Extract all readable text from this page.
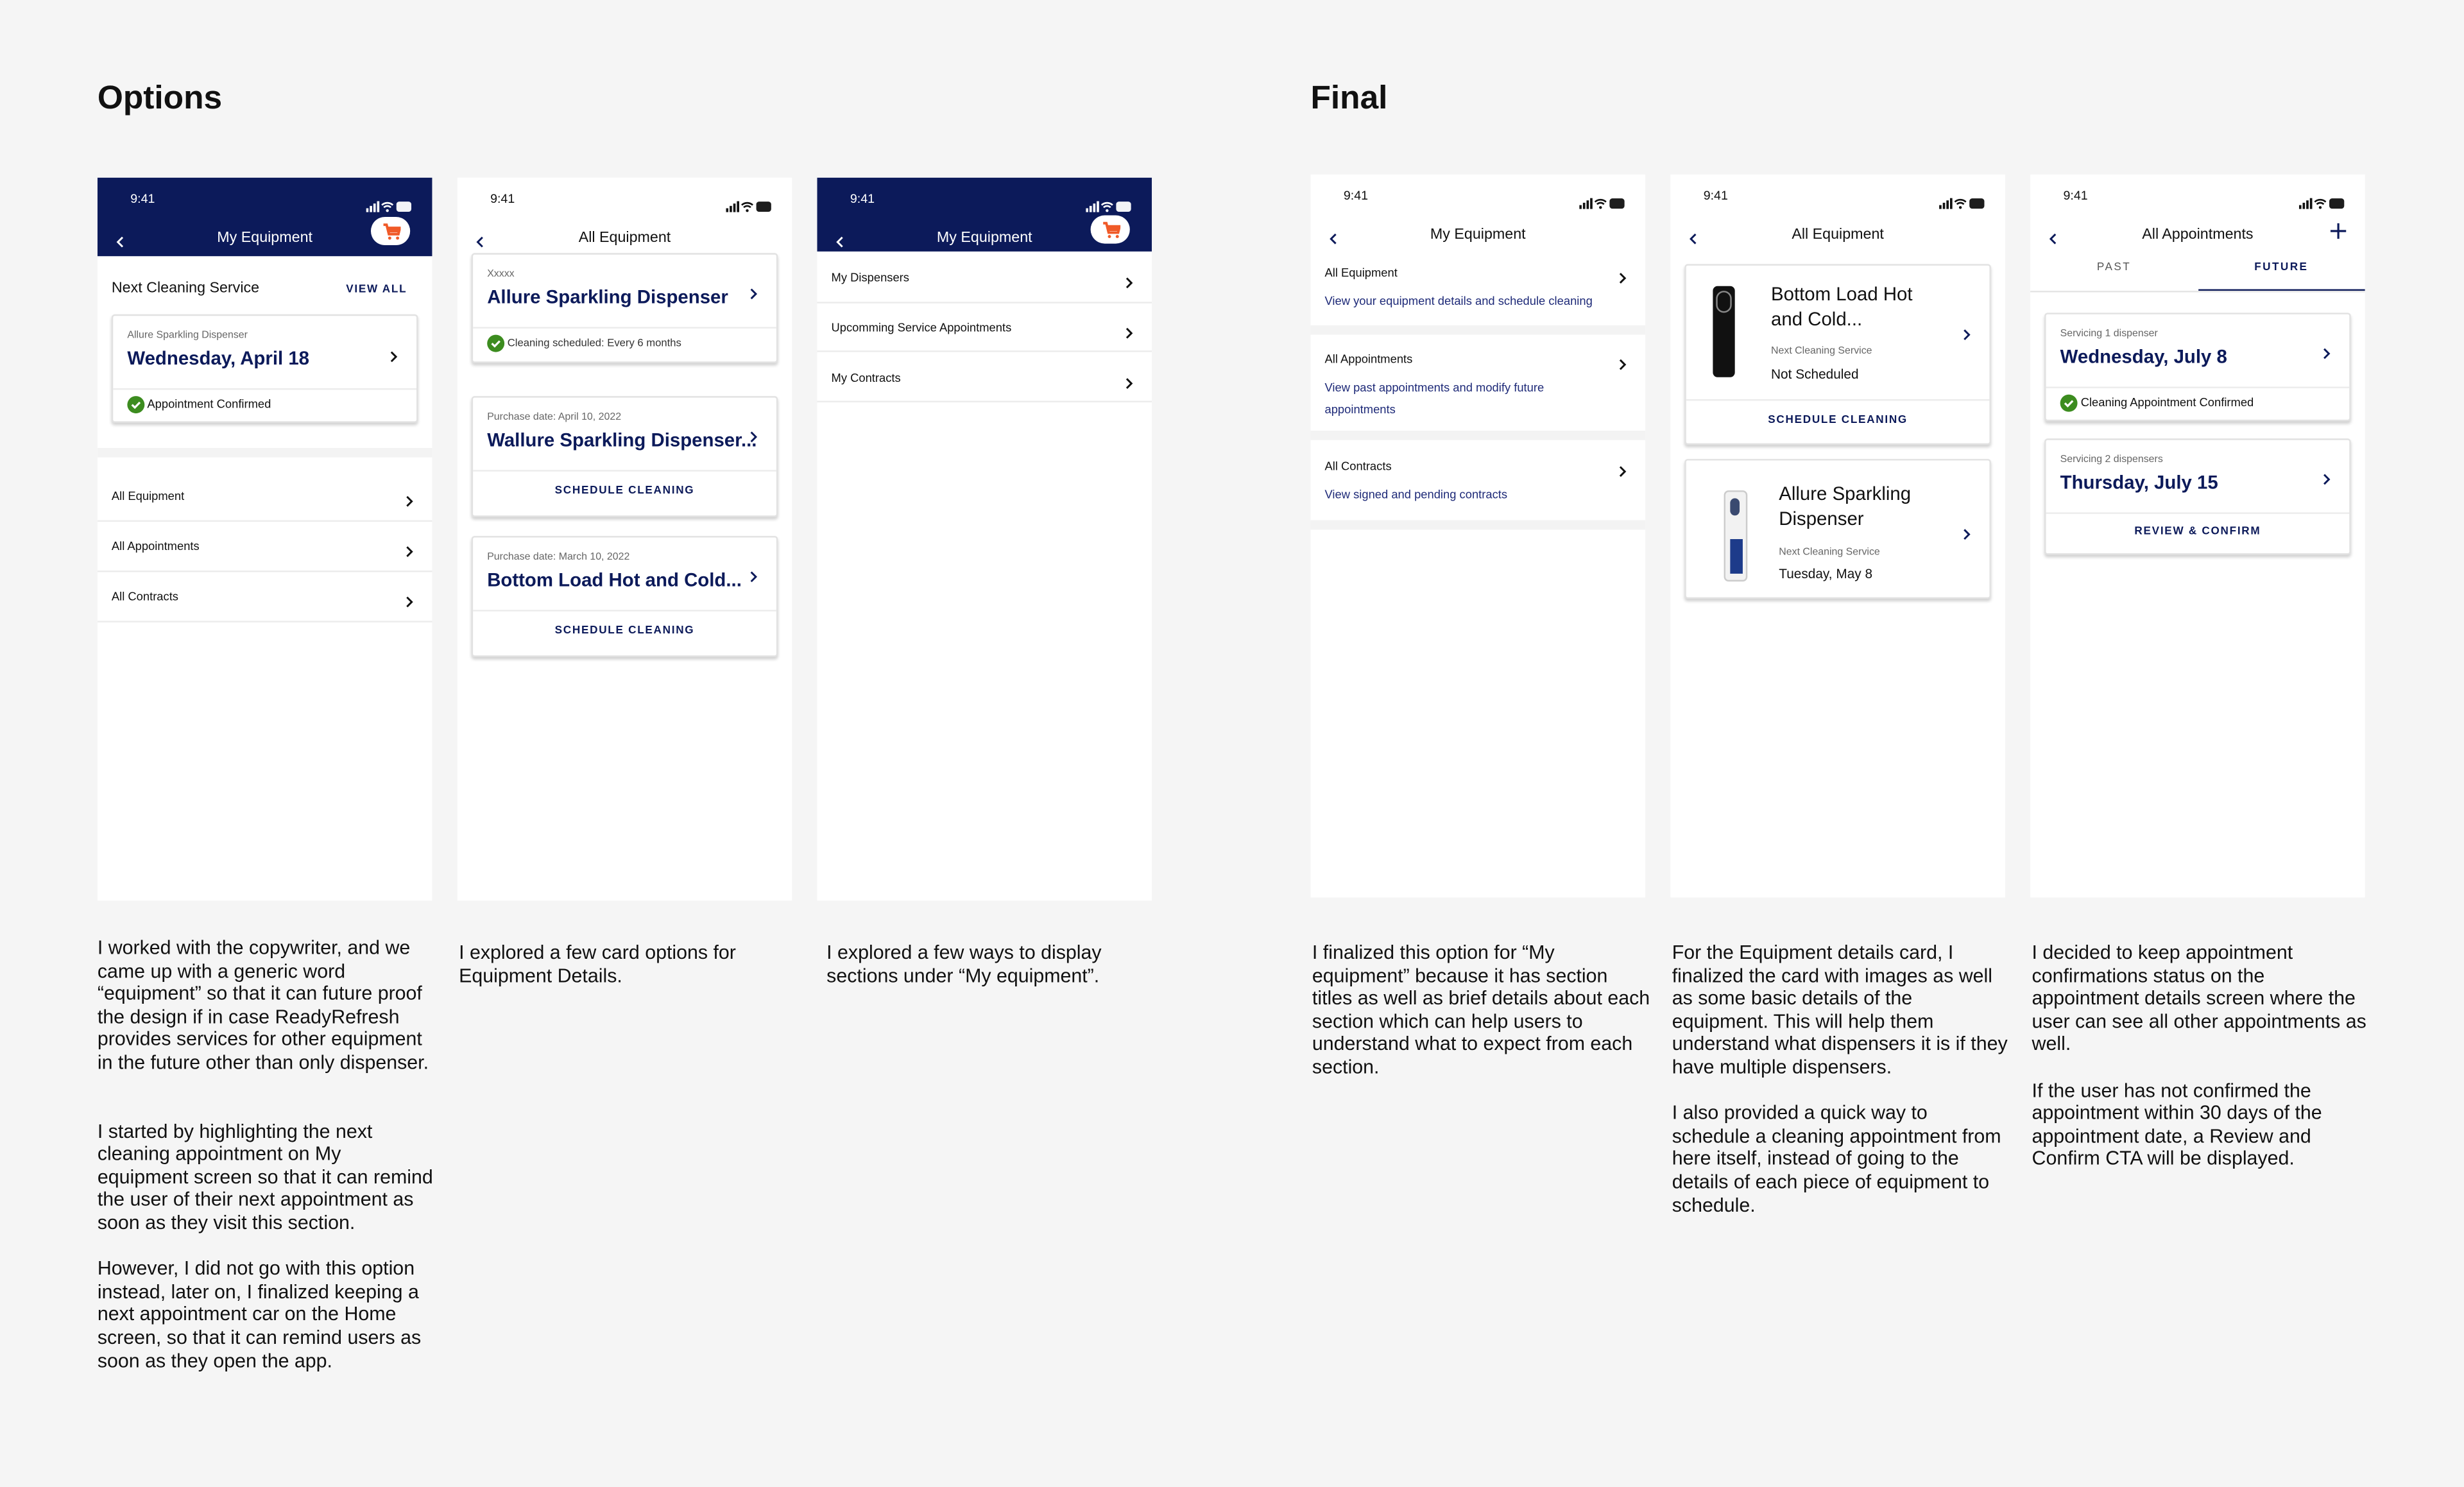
Options	Final
9:41
My Equipment
Next Cleaning Service	VIEW ALL
Allure Sparkling Dispenser
Wednesday, April 18
Appointment Confirmed
All Equipment
All Appointments
All Contracts
9:41
All Equipment
Xxxxx
Allure Sparkling Dispenser
Cleaning scheduled: Every 6 months
Purchase date: April 10, 2022
Wallure Sparkling Dispenser...
SCHEDULE CLEANING
Purchase date: March 10, 2022
Bottom Load Hot and Cold...
SCHEDULE CLEANING
9:41
My Equipment
My Dispensers
Upcomming Service Appointments
My Contracts
9:41
My Equipment
All Equipment
View your equipment details and schedule cleaning
All Appointments
View past appointments and modify future appointments
All Contracts
View signed and pending contracts
9:41
All Equipment
Bottom Load Hot and Cold...
Next Cleaning Service
Not Scheduled
SCHEDULE CLEANING
Allure Sparkling Dispenser
Next Cleaning Service
Tuesday, May 8
9:41
All Appointments
PAST	FUTURE
Servicing 1 dispenser
Wednesday, July 8
Cleaning Appointment Confirmed
Servicing 2 dispensers
Thursday, July 15
REVIEW & CONFIRM

I worked with the copywriter, and we came up with a generic word “equipment” so that it can future proof the design if in case ReadyRefresh provides services for other equipment in the future other than only dispenser.

I started by highlighting the next cleaning appointment on My equipment screen so that it can remind the user of their next appointment as soon as they visit this section.

However, I did not go with this option instead, later on, I finalized keeping a next appointment car on the Home screen, so that it can remind users as soon as they open the app.

I explored a few card options for Equipment Details.

I explored a few ways to display sections under “My equipment”.

I finalized this option for “My equipment” because it has section titles as well as brief details about each section which can help users to understand what to expect from each section.

For the Equipment details card, I finalized the card with images as well as some basic details of the equipment. This will help them understand what dispensers it is if they have multiple dispensers.

I also provided a quick way to schedule a cleaning appointment from here itself, instead of going to the details of each piece of equipment to schedule.

I decided to keep appointment confirmations status on the appointment details screen where the user can see all other appointments as well.

If the user has not confirmed the appointment within 30 days of the appointment date, a Review and Confirm CTA will be displayed.
